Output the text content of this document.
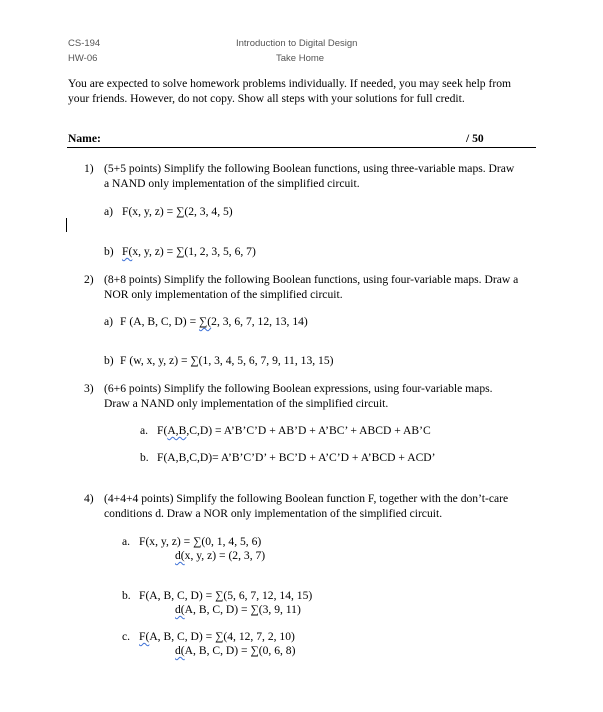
CS-194
HW-06
Introduction to Digital Design
Take Home
You are expected to solve homework problems individually. If needed, you may seek help from
your friends. However, do not copy. Show all steps with your solutions for full credit.
Name:	/ 50
1) (5+5 points) Simplify the following Boolean functions, using three-variable maps. Draw
a NAND only implementation of the simplified circuit.
a) F(x, y, z) = ∑(2, 3, 4, 5)
b) F(x, y, z) = ∑(1, 2, 3, 5, 6, 7)
2) (8+8 points) Simplify the following Boolean functions, using four-variable maps. Draw a
NOR only implementation of the simplified circuit.
a) F (A, B, C, D) = ∑(2, 3, 6, 7, 12, 13, 14)
b) F (w, x, y, z) = ∑(1, 3, 4, 5, 6, 7, 9, 11, 13, 15)
3) (6+6 points) Simplify the following Boolean expressions, using four-variable maps.
Draw a NAND only implementation of the simplified circuit.
a. F(A,B,C,D) = A’B’C’D + AB’D + A’BC’ + ABCD + AB’C
b. F(A,B,C,D)= A’B’C’D’ + BC’D + A’C’D + A’BCD + ACD’
4) (4+4+4 points) Simplify the following Boolean function F, together with the don’t-care
conditions d. Draw a NOR only implementation of the simplified circuit.
a. F(x, y, z) = ∑(0, 1, 4, 5, 6)
d(x, y, z) = (2, 3, 7)
b. F(A, B, C, D) = ∑(5, 6, 7, 12, 14, 15)
d(A, B, C, D) = ∑(3, 9, 11)
c. F(A, B, C, D) = ∑(4, 12, 7, 2, 10)
d(A, B, C, D) = ∑(0, 6, 8)
